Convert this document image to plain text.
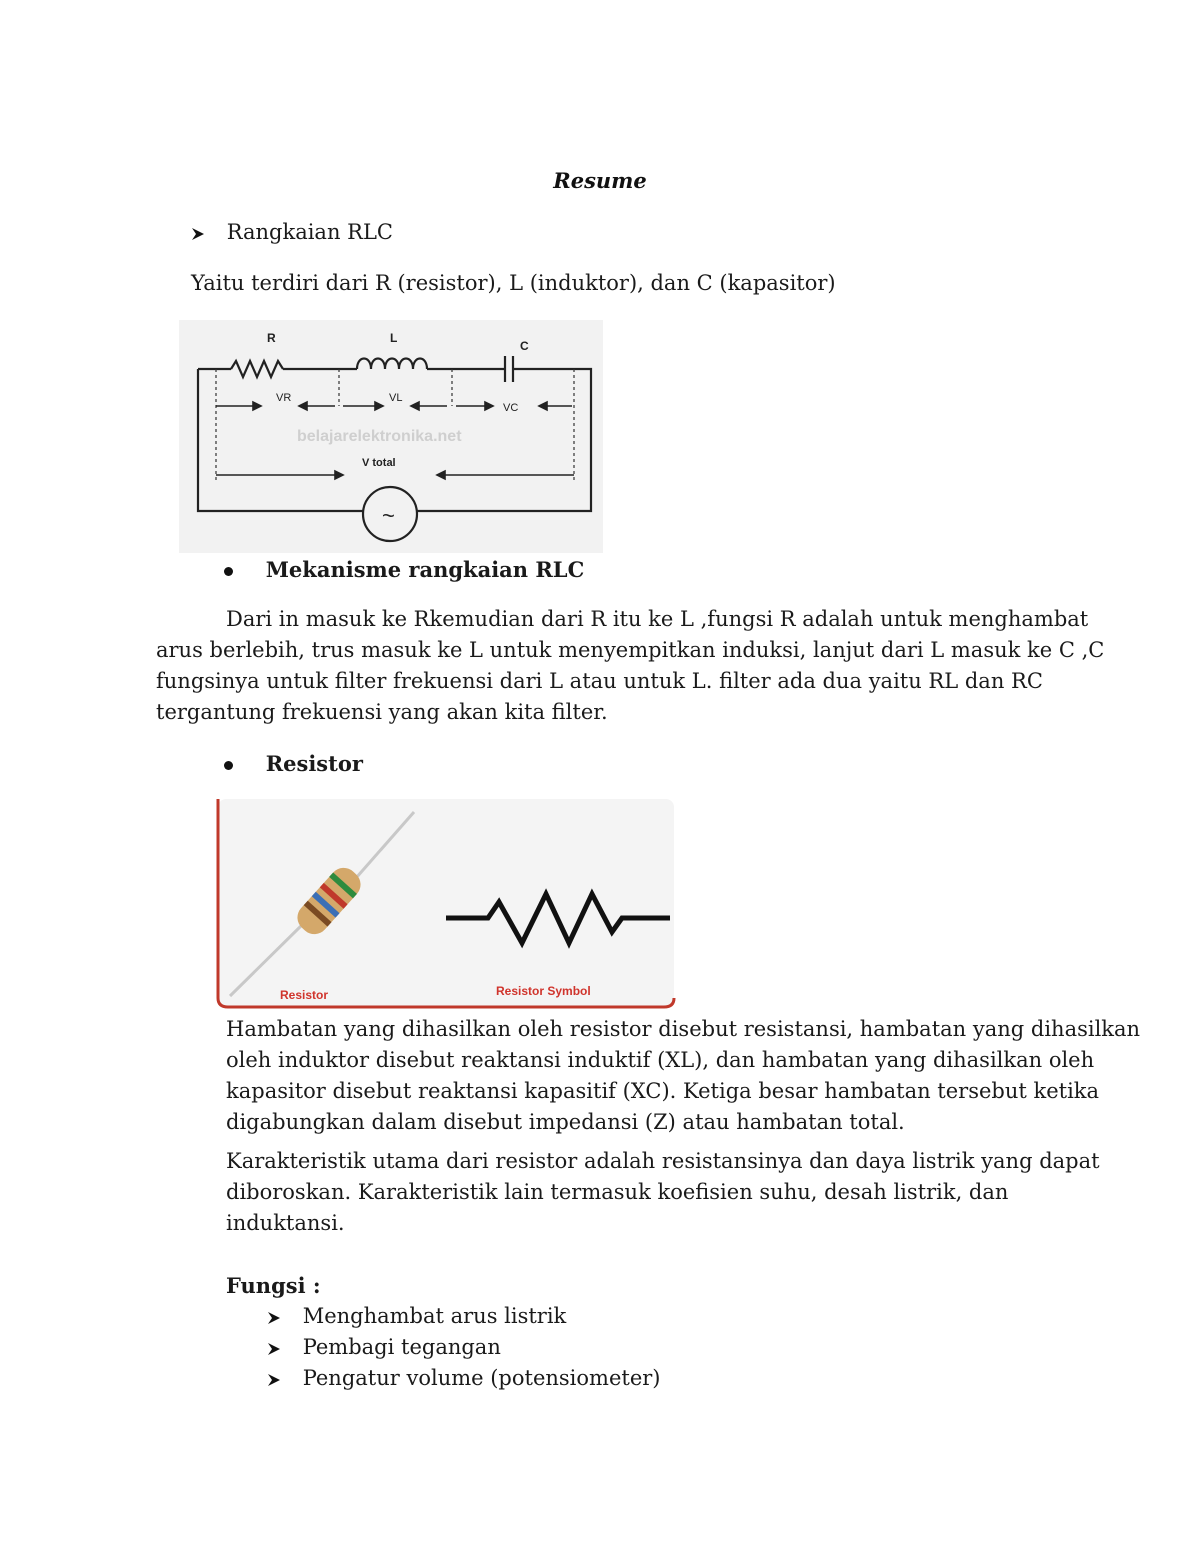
Resume
Rangkaian RLC
Yaitu terdiri dari R (resistor), L (induktor), dan C (kapasitor)
R	L
C
VR	VL
VC
V total
belajarelektronika.net
~
Mekanisme rangkaian RLC
Dari in masuk ke Rkemudian dari R itu ke L ,fungsi R adalah untuk menghambat
arus berlebih, trus masuk ke L untuk menyempitkan induksi, lanjut dari L masuk ke C ,C
fungsinya untuk filter frekuensi dari L atau untuk L. filter ada dua yaitu RL dan RC
tergantung frekuensi yang akan kita filter.
Resistor
Resistor	Resistor Symbol
Hambatan yang dihasilkan oleh resistor disebut resistansi, hambatan yang dihasilkan
oleh induktor disebut reaktansi induktif (XL), dan hambatan yang dihasilkan oleh
kapasitor disebut reaktansi kapasitif (XC). Ketiga besar hambatan tersebut ketika
digabungkan dalam disebut impedansi (Z) atau hambatan total.
Karakteristik utama dari resistor adalah resistansinya dan daya listrik yang dapat
diboroskan. Karakteristik lain termasuk koefisien suhu, desah listrik, dan
induktansi.
Fungsi :
Menghambat arus listrik
Pembagi tegangan
Pengatur volume (potensiometer)
